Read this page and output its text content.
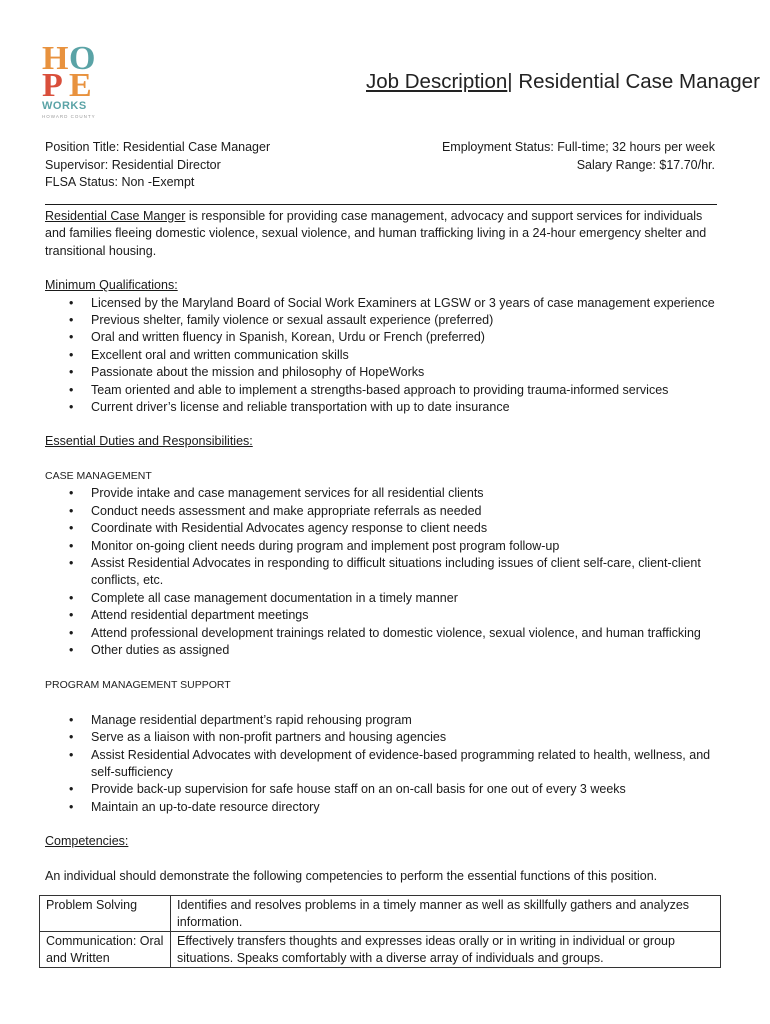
H O
P E
WORKS
HOWARD COUNTY
Job Description| Residential Case Manager
Position Title: Residential Case Manager
Supervisor: Residential Director
FLSA Status: Non -Exempt
Employment Status: Full-time; 32 hours per week
Salary Range: $17.70/hr.

Residential Case Manger is responsible for providing case management, advocacy and support services for individuals and families fleeing domestic violence, sexual violence, and human trafficking living in a 24-hour emergency shelter and transitional housing.

Minimum Qualifications:

• Licensed by the Maryland Board of Social Work Examiners at LGSW or 3 years of case management experience
• Previous shelter, family violence or sexual assault experience (preferred)
• Oral and written fluency in Spanish, Korean, Urdu or French (preferred)
• Excellent oral and written communication skills
• Passionate about the mission and philosophy of HopeWorks
• Team oriented and able to implement a strengths-based approach to providing trauma-informed services
• Current driver’s license and reliable transportation with up to date insurance

Essential Duties and Responsibilities:

CASE MANAGEMENT

• Provide intake and case management services for all residential clients
• Conduct needs assessment and make appropriate referrals as needed
• Coordinate with Residential Advocates agency response to client needs
• Monitor on-going client needs during program and implement post program follow-up
• Assist Residential Advocates in responding to difficult situations including issues of client self-care, client-client conflicts, etc.
• Complete all case management documentation in a timely manner
• Attend residential department meetings
• Attend professional development trainings related to domestic violence, sexual violence, and human trafficking
• Other duties as assigned

PROGRAM MANAGEMENT SUPPORT

• Manage residential department’s rapid rehousing program
• Serve as a liaison with non-profit partners and housing agencies
• Assist Residential Advocates with development of evidence-based programming related to health, wellness, and self-sufficiency
• Provide back-up supervision for safe house staff on an on-call basis for one out of every 3 weeks
• Maintain an up-to-date resource directory

Competencies:

An individual should demonstrate the following competencies to perform the essential functions of this position.

Problem Solving	Identifies and resolves problems in a timely manner as well as skillfully gathers and analyzes information.
Communication: Oral and Written	Effectively transfers thoughts and expresses ideas orally or in writing in individual or group situations. Speaks comfortably with a diverse array of individuals and groups.
